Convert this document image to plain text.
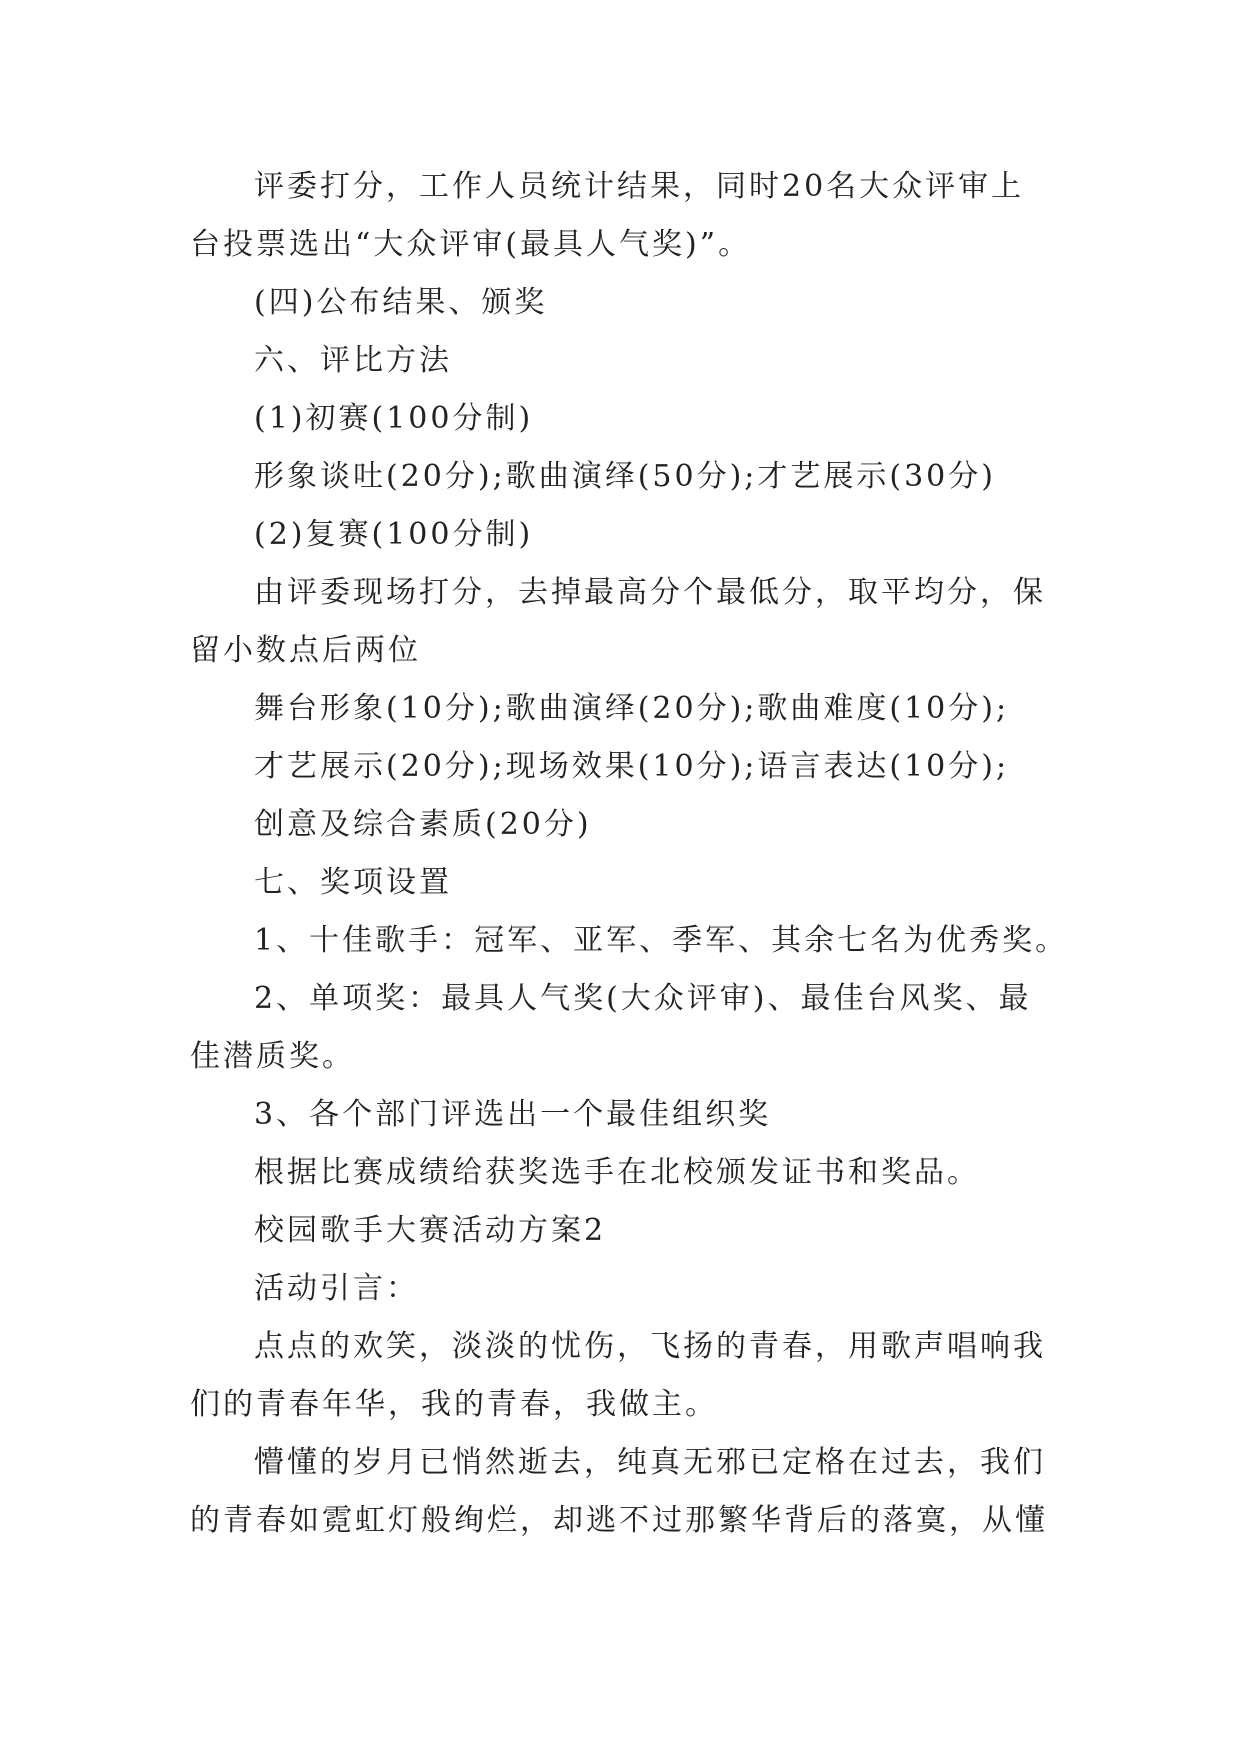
评委打分，工作人员统计结果，同时20名大众评审上

台投票选出“大众评审(最具人气奖)”。

(四)公布结果、颁奖

六、评比方法

(1)初赛(100分制)

形象谈吐(20分);歌曲演绎(50分);才艺展示(30分)

(2)复赛(100分制)

由评委现场打分，去掉最高分个最低分，取平均分，保

留小数点后两位

舞台形象(10分);歌曲演绎(20分);歌曲难度(10分);

才艺展示(20分);现场效果(10分);语言表达(10分);

创意及综合素质(20分)

七、奖项设置

1、十佳歌手：冠军、亚军、季军、其余七名为优秀奖。

2、单项奖：最具人气奖(大众评审)、最佳台风奖、最

佳潜质奖。

3、各个部门评选出一个最佳组织奖

根据比赛成绩给获奖选手在北校颁发证书和奖品。

校园歌手大赛活动方案2

活动引言：

点点的欢笑，淡淡的忧伤，飞扬的青春，用歌声唱响我

们的青春年华，我的青春，我做主。

懵懂的岁月已悄然逝去，纯真无邪已定格在过去，我们

的青春如霓虹灯般绚烂，却逃不过那繁华背后的落寞，从懂
